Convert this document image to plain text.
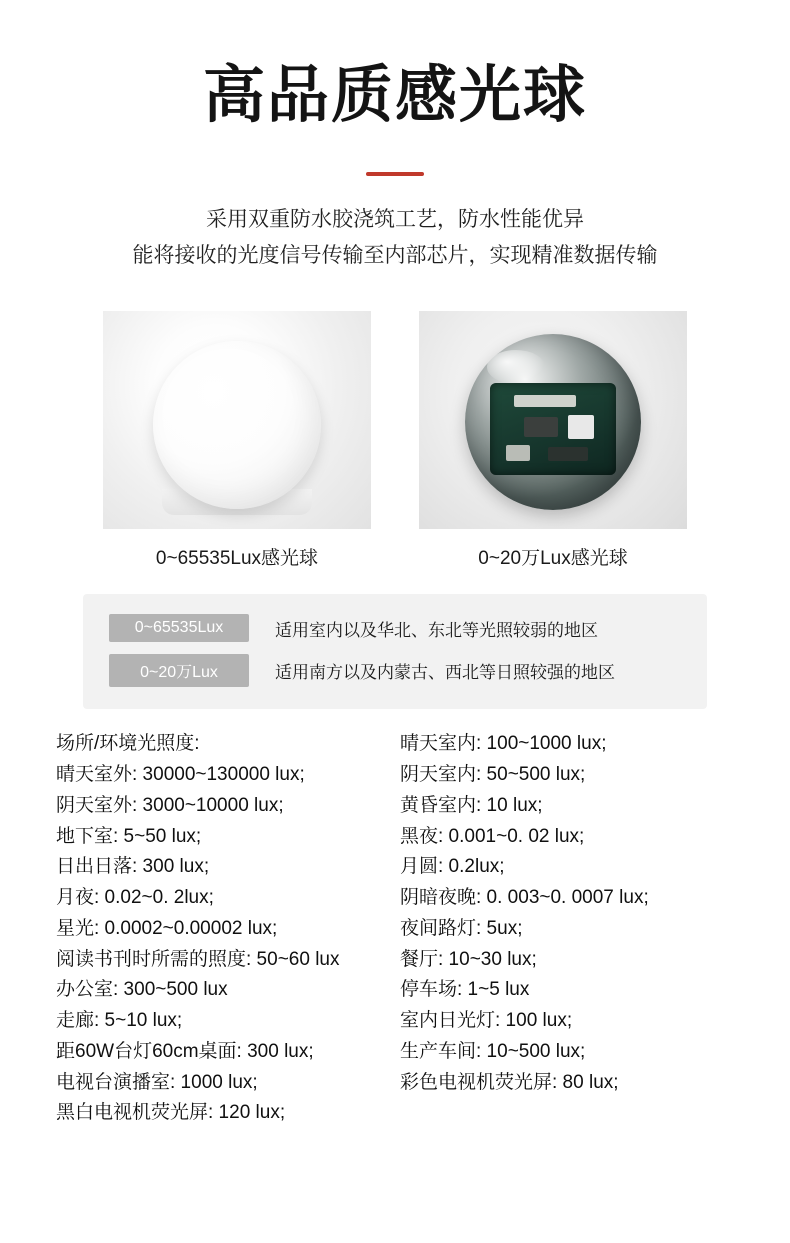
高品质感光球
采用双重防水胶浇筑工艺，防水性能优异
能将接收的光度信号传输至内部芯片，实现精准数据传输
0~65535Lux感光球	0~20万Lux感光球
0~65535Lux	适用室内以及华北、东北等光照较弱的地区
0~20万Lux	适用南方以及内蒙古、西北等日照较强的地区
场所/环境光照度:
晴天室外: 30000~130000 lux;
阴天室外: 3000~10000 lux;
地下室: 5~50 lux;
日出日落: 300 lux;
月夜: 0.02~0. 2lux;
星光: 0.0002~0.00002 lux;
阅读书刊时所需的照度: 50~60 lux
办公室: 300~500 lux
走廊: 5~10 lux;
距60W台灯60cm桌面: 300 lux;
电视台演播室: 1000 lux;
黑白电视机荧光屏: 120 lux;
晴天室内: 100~1000 lux;
阴天室内: 50~500 lux;
黄昏室内: 10 lux;
黑夜: 0.001~0. 02 lux;
月圆: 0.2lux;
阴暗夜晚: 0. 003~0. 0007 lux;
夜间路灯: 5ux;
餐厅: 10~30 lux;
停车场: 1~5 lux
室内日光灯: 100 lux;
生产车间: 10~500 lux;
彩色电视机荧光屏: 80 lux;
